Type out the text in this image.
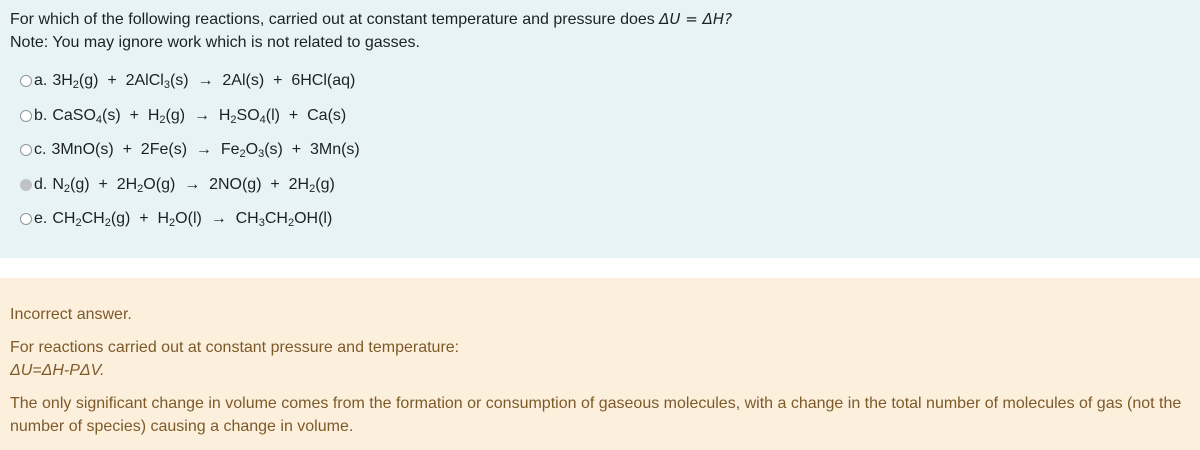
For which of the following reactions, carried out at constant temperature and pressure does ΔU = ΔH?
Note: You may ignore work which is not related to gasses.
a. $3H_2(g)$  +  2AlCl$_3$(s)  →  2Al(s)  +  6HCl(aq)
b. CaSO$_4$(s)  +  $H_2(g) \to H_2SO_4(l) + Ca(s)$
c. $3MnO(s) + 2Fe(s) \to Fe_2O_3(s) + 3Mn(s)$
d. $N_2(g) + 2H_2O(g) \to 2NO(g) + 2H_2(g)$
e. $CH_2CH_2(g) + H_2O(l) \to CH_3CH_2OH(l)$
Incorrect answer.
For reactions carried out at constant pressure and temperature:
ΔU=ΔH-PΔV.
The only significant change in volume comes from the formation or consumption of gaseous molecules, with a change in the total number of molecules of gas (not the number of species) causing a change in volume.
